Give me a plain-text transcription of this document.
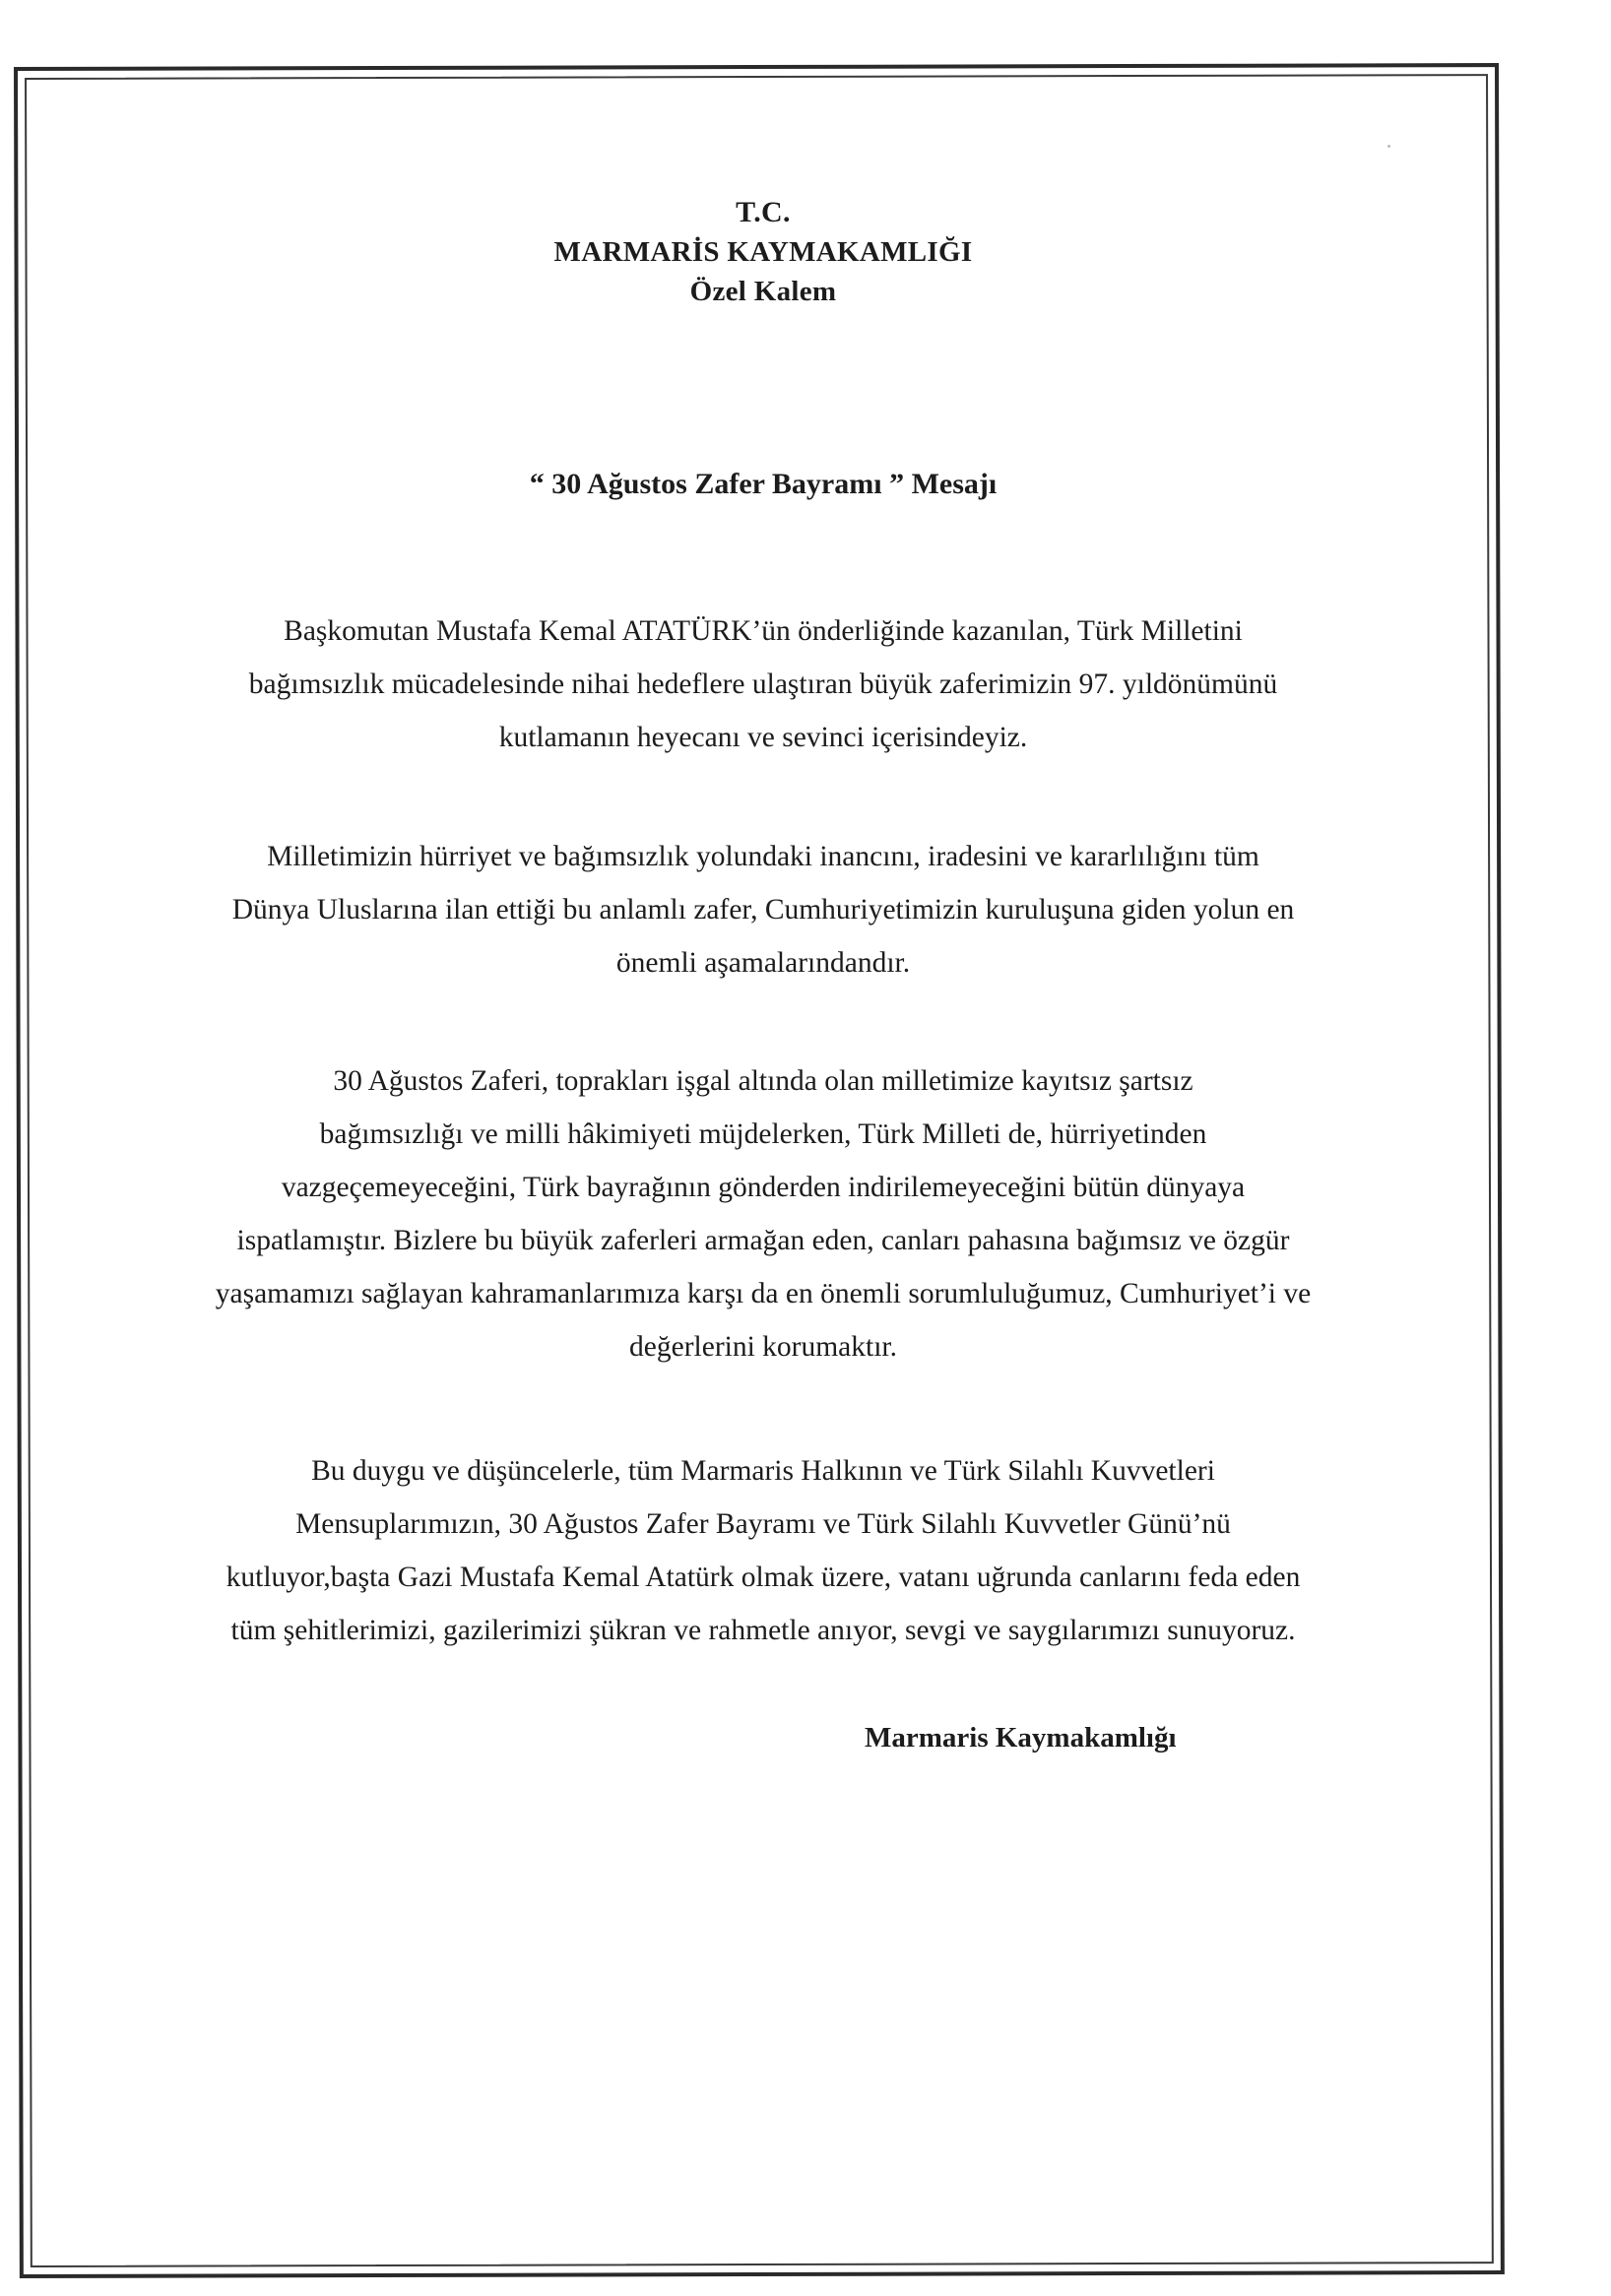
T.C.
MARMARİS KAYMAKAMLIĞI
Özel Kalem
“ 30 Ağustos Zafer Bayramı ” Mesajı
Başkomutan Mustafa Kemal ATATÜRK’ün önderliğinde kazanılan, Türk Milletini
bağımsızlık mücadelesinde nihai hedeflere ulaştıran büyük zaferimizin 97. yıldönümünü
kutlamanın heyecanı ve sevinci içerisindeyiz.
Milletimizin hürriyet ve bağımsızlık yolundaki inancını, iradesini ve kararlılığını tüm
Dünya Uluslarına ilan ettiği bu anlamlı zafer, Cumhuriyetimizin kuruluşuna giden yolun en
önemli aşamalarındandır.
30 Ağustos Zaferi, toprakları işgal altında olan milletimize kayıtsız şartsız
bağımsızlığı ve milli hâkimiyeti müjdelerken, Türk Milleti de, hürriyetinden
vazgeçemeyeceğini, Türk bayrağının gönderden indirilemeyeceğini bütün dünyaya
ispatlamıştır. Bizlere bu büyük zaferleri armağan eden, canları pahasına bağımsız ve özgür
yaşamamızı sağlayan kahramanlarımıza karşı da en önemli sorumluluğumuz, Cumhuriyet’i ve
değerlerini korumaktır.
Bu duygu ve düşüncelerle, tüm Marmaris Halkının ve Türk Silahlı Kuvvetleri
Mensuplarımızın, 30 Ağustos Zafer Bayramı ve Türk Silahlı Kuvvetler Günü’nü
kutluyor,başta Gazi Mustafa Kemal Atatürk olmak üzere, vatanı uğrunda canlarını feda eden
tüm şehitlerimizi, gazilerimizi şükran ve rahmetle anıyor, sevgi ve saygılarımızı sunuyoruz.
Marmaris Kaymakamlığı
